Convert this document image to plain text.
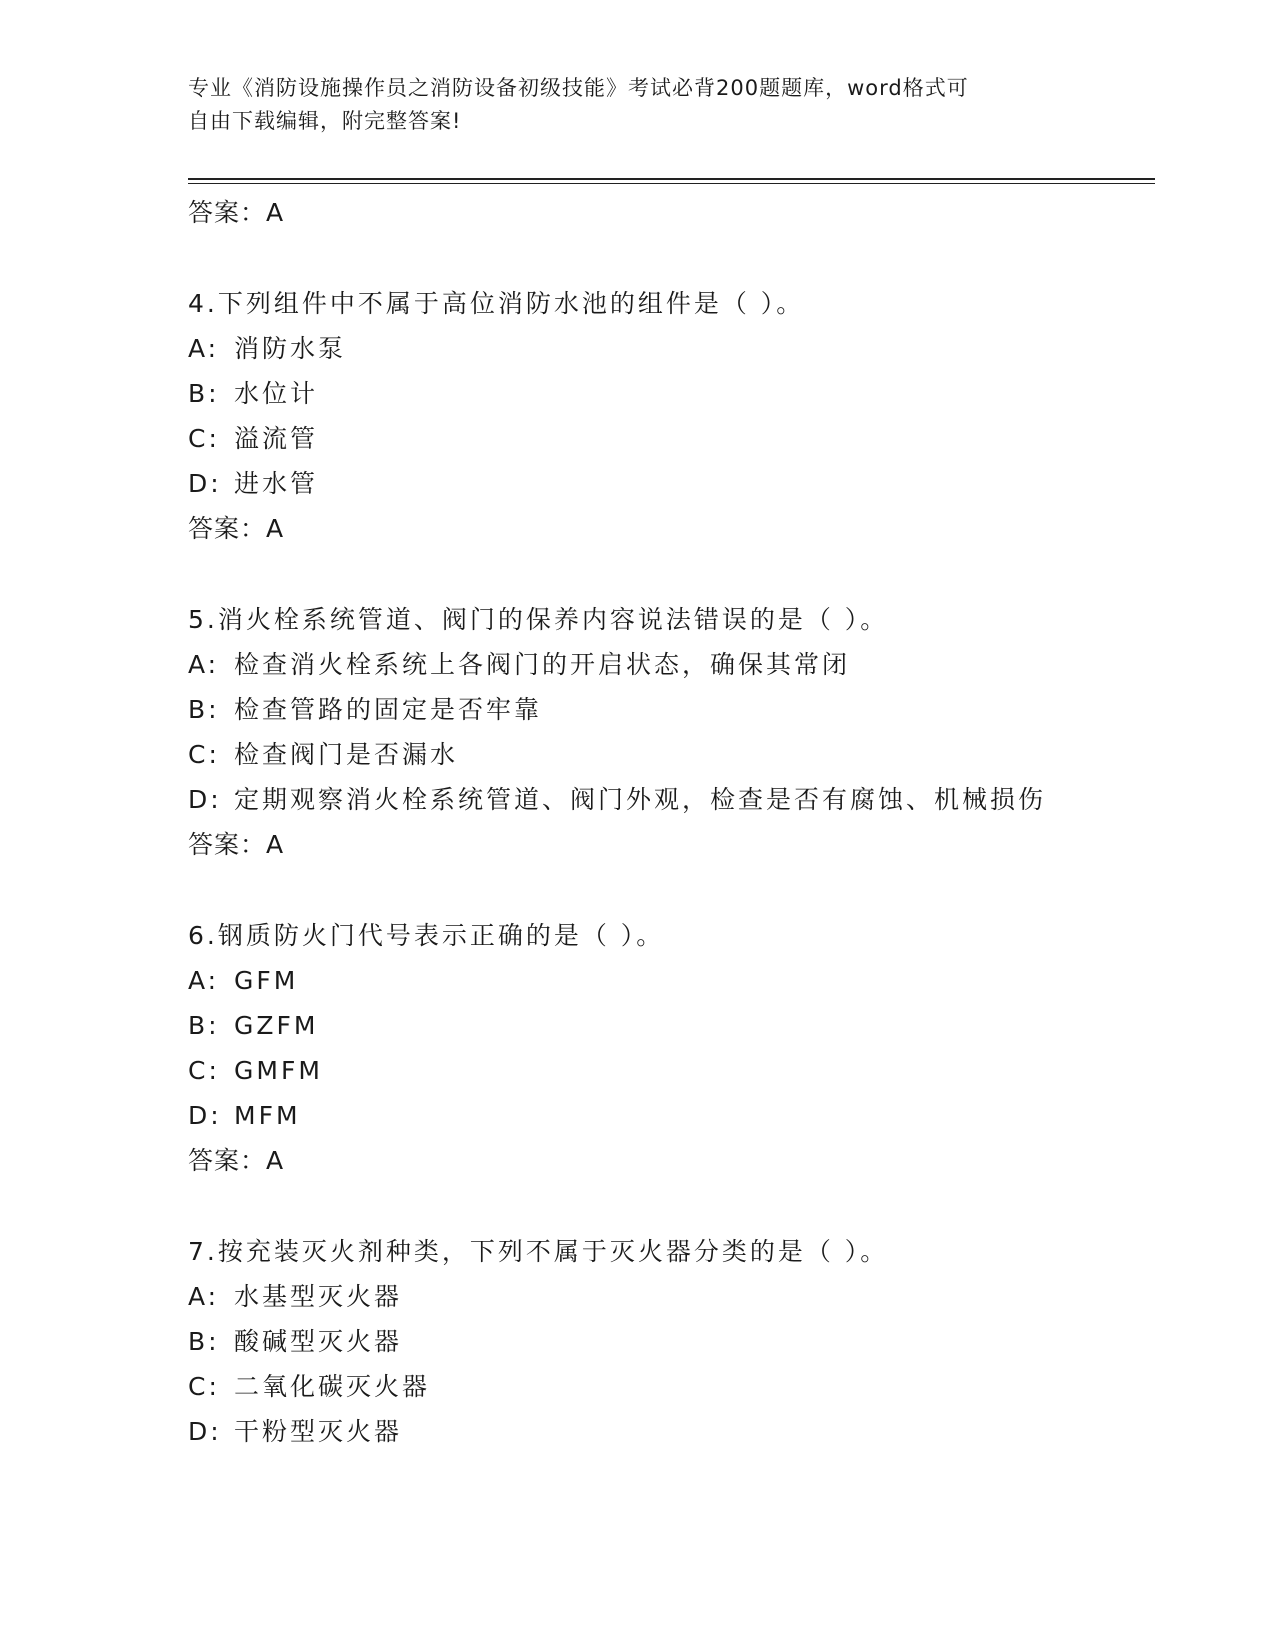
专业《消防设施操作员之消防设备初级技能》考试必背200题题库，word格式可
自由下载编辑，附完整答案!
答案：A
4.下列组件中不属于高位消防水池的组件是（ ）。
A: 消防水泵
B: 水位计
C: 溢流管
D: 进水管
答案：A
5.消火栓系统管道、阀门的保养内容说法错误的是（ ）。
A: 检查消火栓系统上各阀门的开启状态，确保其常闭
B: 检查管路的固定是否牢靠
C: 检查阀门是否漏水
D: 定期观察消火栓系统管道、阀门外观，检查是否有腐蚀、机械损伤
答案：A
6.钢质防火门代号表示正确的是（ ）。
A: GFM
B: GZFM
C: GMFM
D: MFM
答案：A
7.按充装灭火剂种类，下列不属于灭火器分类的是（ ）。
A: 水基型灭火器
B: 酸碱型灭火器
C: 二氧化碳灭火器
D: 干粉型灭火器
